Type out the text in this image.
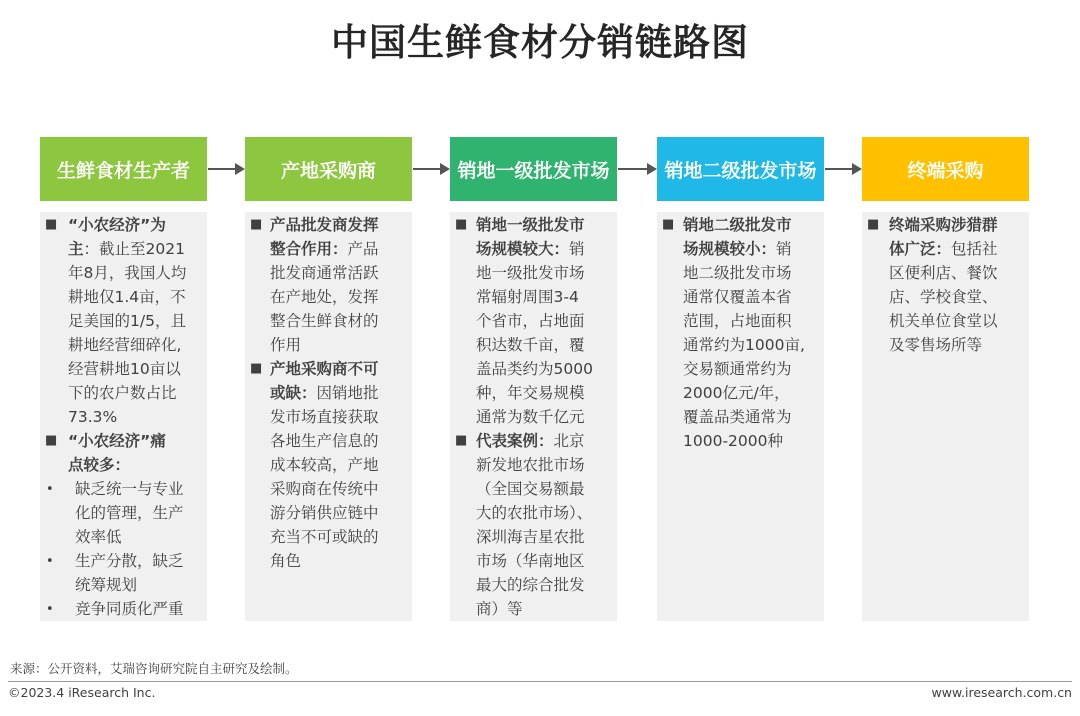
中国生鲜食材分销链路图
生鲜食材生产者	产地采购商	销地一级批发市场	销地二级批发市场	终端采购
■ “小农经济”为
主：截止至2021
年8月，我国人均
耕地仅1.4亩，不
足美国的1/5，且
耕地经营细碎化,
经营耕地10亩以
下的农户数占比
73.3%
“小农经济”痛
点较多：
■
• 缺乏统一与专业
化的管理，生产
效率低
• 生产分散，缺乏
统筹规划
• 竞争同质化严重
■ 产品批发商发挥
整合作用：产品
批发商通常活跃
在产地处，发挥
整合生鲜食材的
作用
产地采购商不可
或缺：因销地批
发市场直接获取
各地生产信息的
成本较高，产地
采购商在传统中
游分销供应链中
充当不可或缺的
角色
■
■ 销地一级批发市
场规模较大：销
地一级批发市场
常辐射周围3-4
个省市，占地面
积达数千亩，覆
盖品类约为5000
种，年交易规模
通常为数千亿元
代表案例：北京
新发地农批市场
（全国交易额最
大的农批市场）、
深圳海吉星农批
市场（华南地区
最大的综合批发
商）等
■
■ 销地二级批发市
场规模较小：销
地二级批发市场
通常仅覆盖本省
范围，占地面积
通常约为1000亩,
交易额通常约为
2000亿元/年，
覆盖品类通常为
1000-2000种
■ 终端采购涉猎群
体广泛：包括社
区便利店、餐饮
店、学校食堂、
机关单位食堂以
及零售场所等
来源：公开资料，艾瑞咨询研究院自主研究及绘制。
©2023.4 iResearch Inc.	www.iresearch.com.cn
